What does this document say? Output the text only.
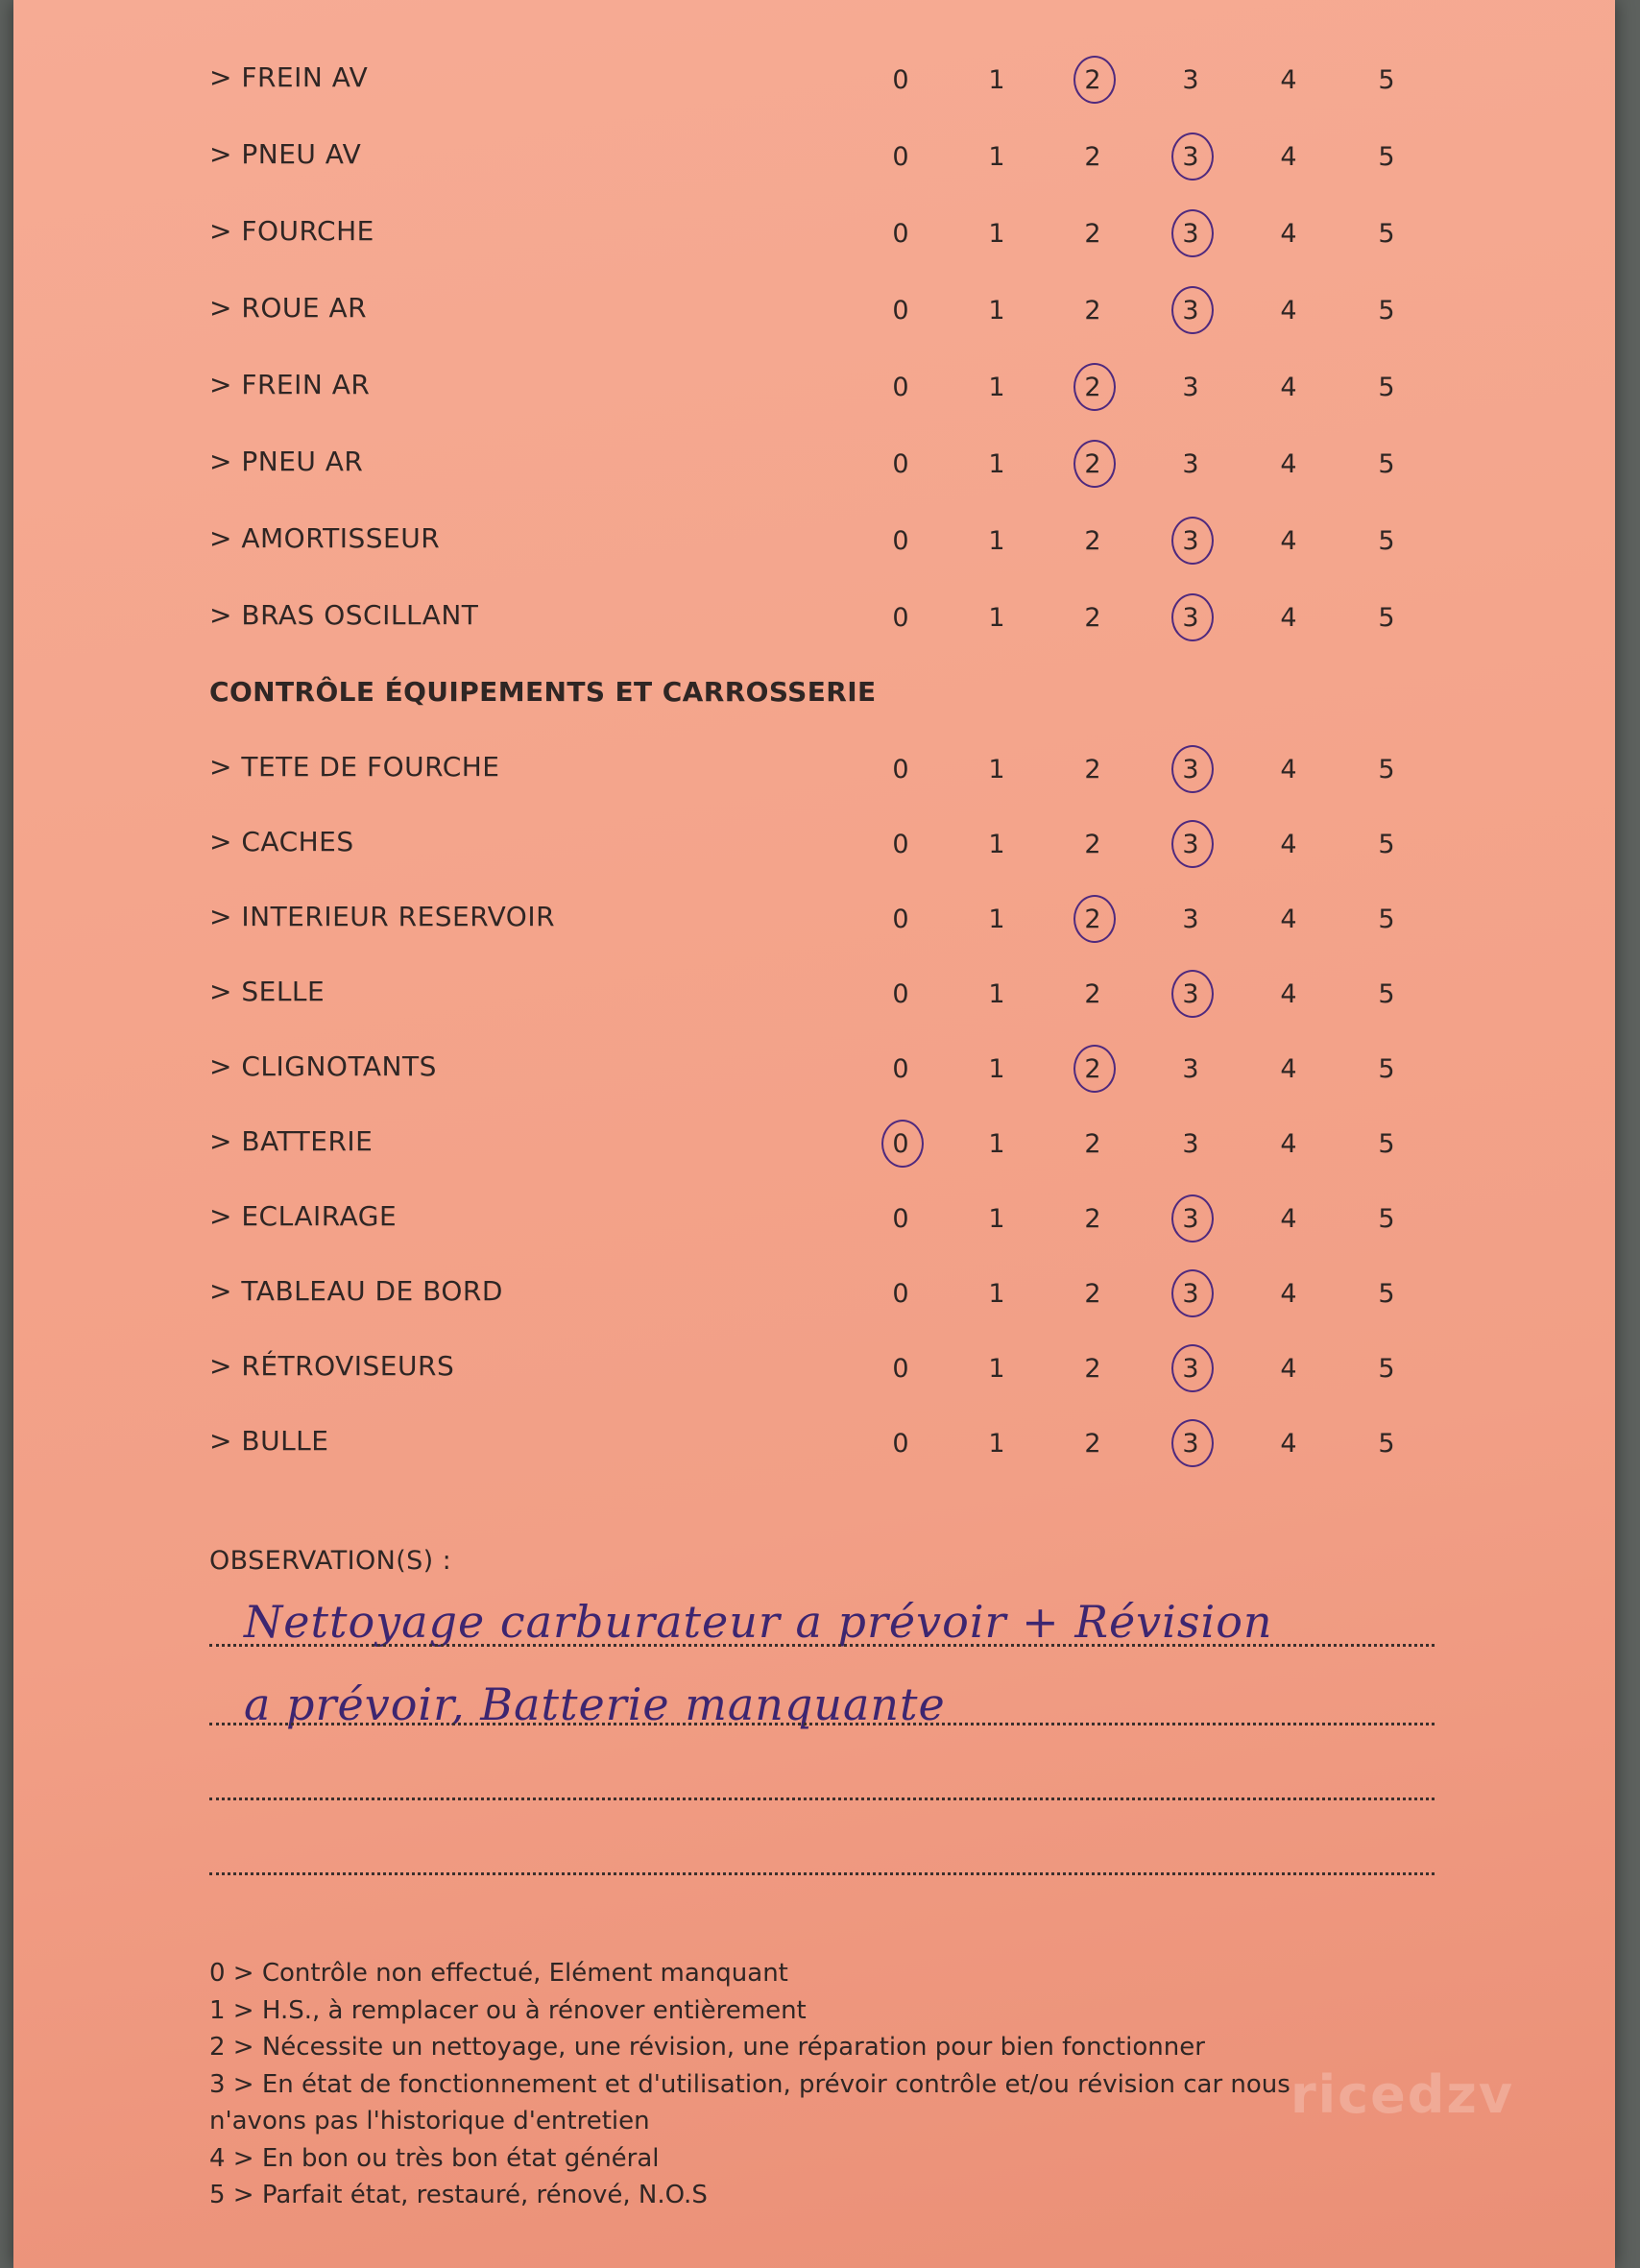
> FREIN AV	0	1	2	3	4	5
> PNEU AV	0	1	2	3	4	5
> FOURCHE	0	1	2	3	4	5
> ROUE AR	0	1	2	3	4	5
> FREIN AR	0	1	2	3	4	5
> PNEU AR	0	1	2	3	4	5
> AMORTISSEUR	0	1	2	3	4	5
> BRAS OSCILLANT	0	1	2	3	4	5
> TETE DE FOURCHE	0	1	2	3	4	5
> CACHES	0	1	2	3	4	5
> INTERIEUR RESERVOIR	0	1	2	3	4	5
> SELLE	0	1	2	3	4	5
> CLIGNOTANTS	0	1	2	3	4	5
> BATTERIE	0	1	2	3	4	5
> ECLAIRAGE	0	1	2	3	4	5
> TABLEAU DE BORD	0	1	2	3	4	5
> RÉTROVISEURS	0	1	2	3	4	5
> BULLE	0	1	2	3	4	5
CONTRÔLE ÉQUIPEMENTS ET CARROSSERIE
OBSERVATION(S) :
Nettoyage carburateur a prévoir + Révision
a prévoir, Batterie manquante
0 > Contrôle non effectué, Elément manquant
1 > H.S., à remplacer ou à rénover entièrement
2 > Nécessite un nettoyage, une révision, une réparation pour bien fonctionner
3 > En état de fonctionnement et d'utilisation, prévoir contrôle et/ou révision car nous
n'avons pas l'historique d'entretien
4 > En bon ou très bon état général
5 > Parfait état, restauré, rénové, N.O.S
ricedzv
